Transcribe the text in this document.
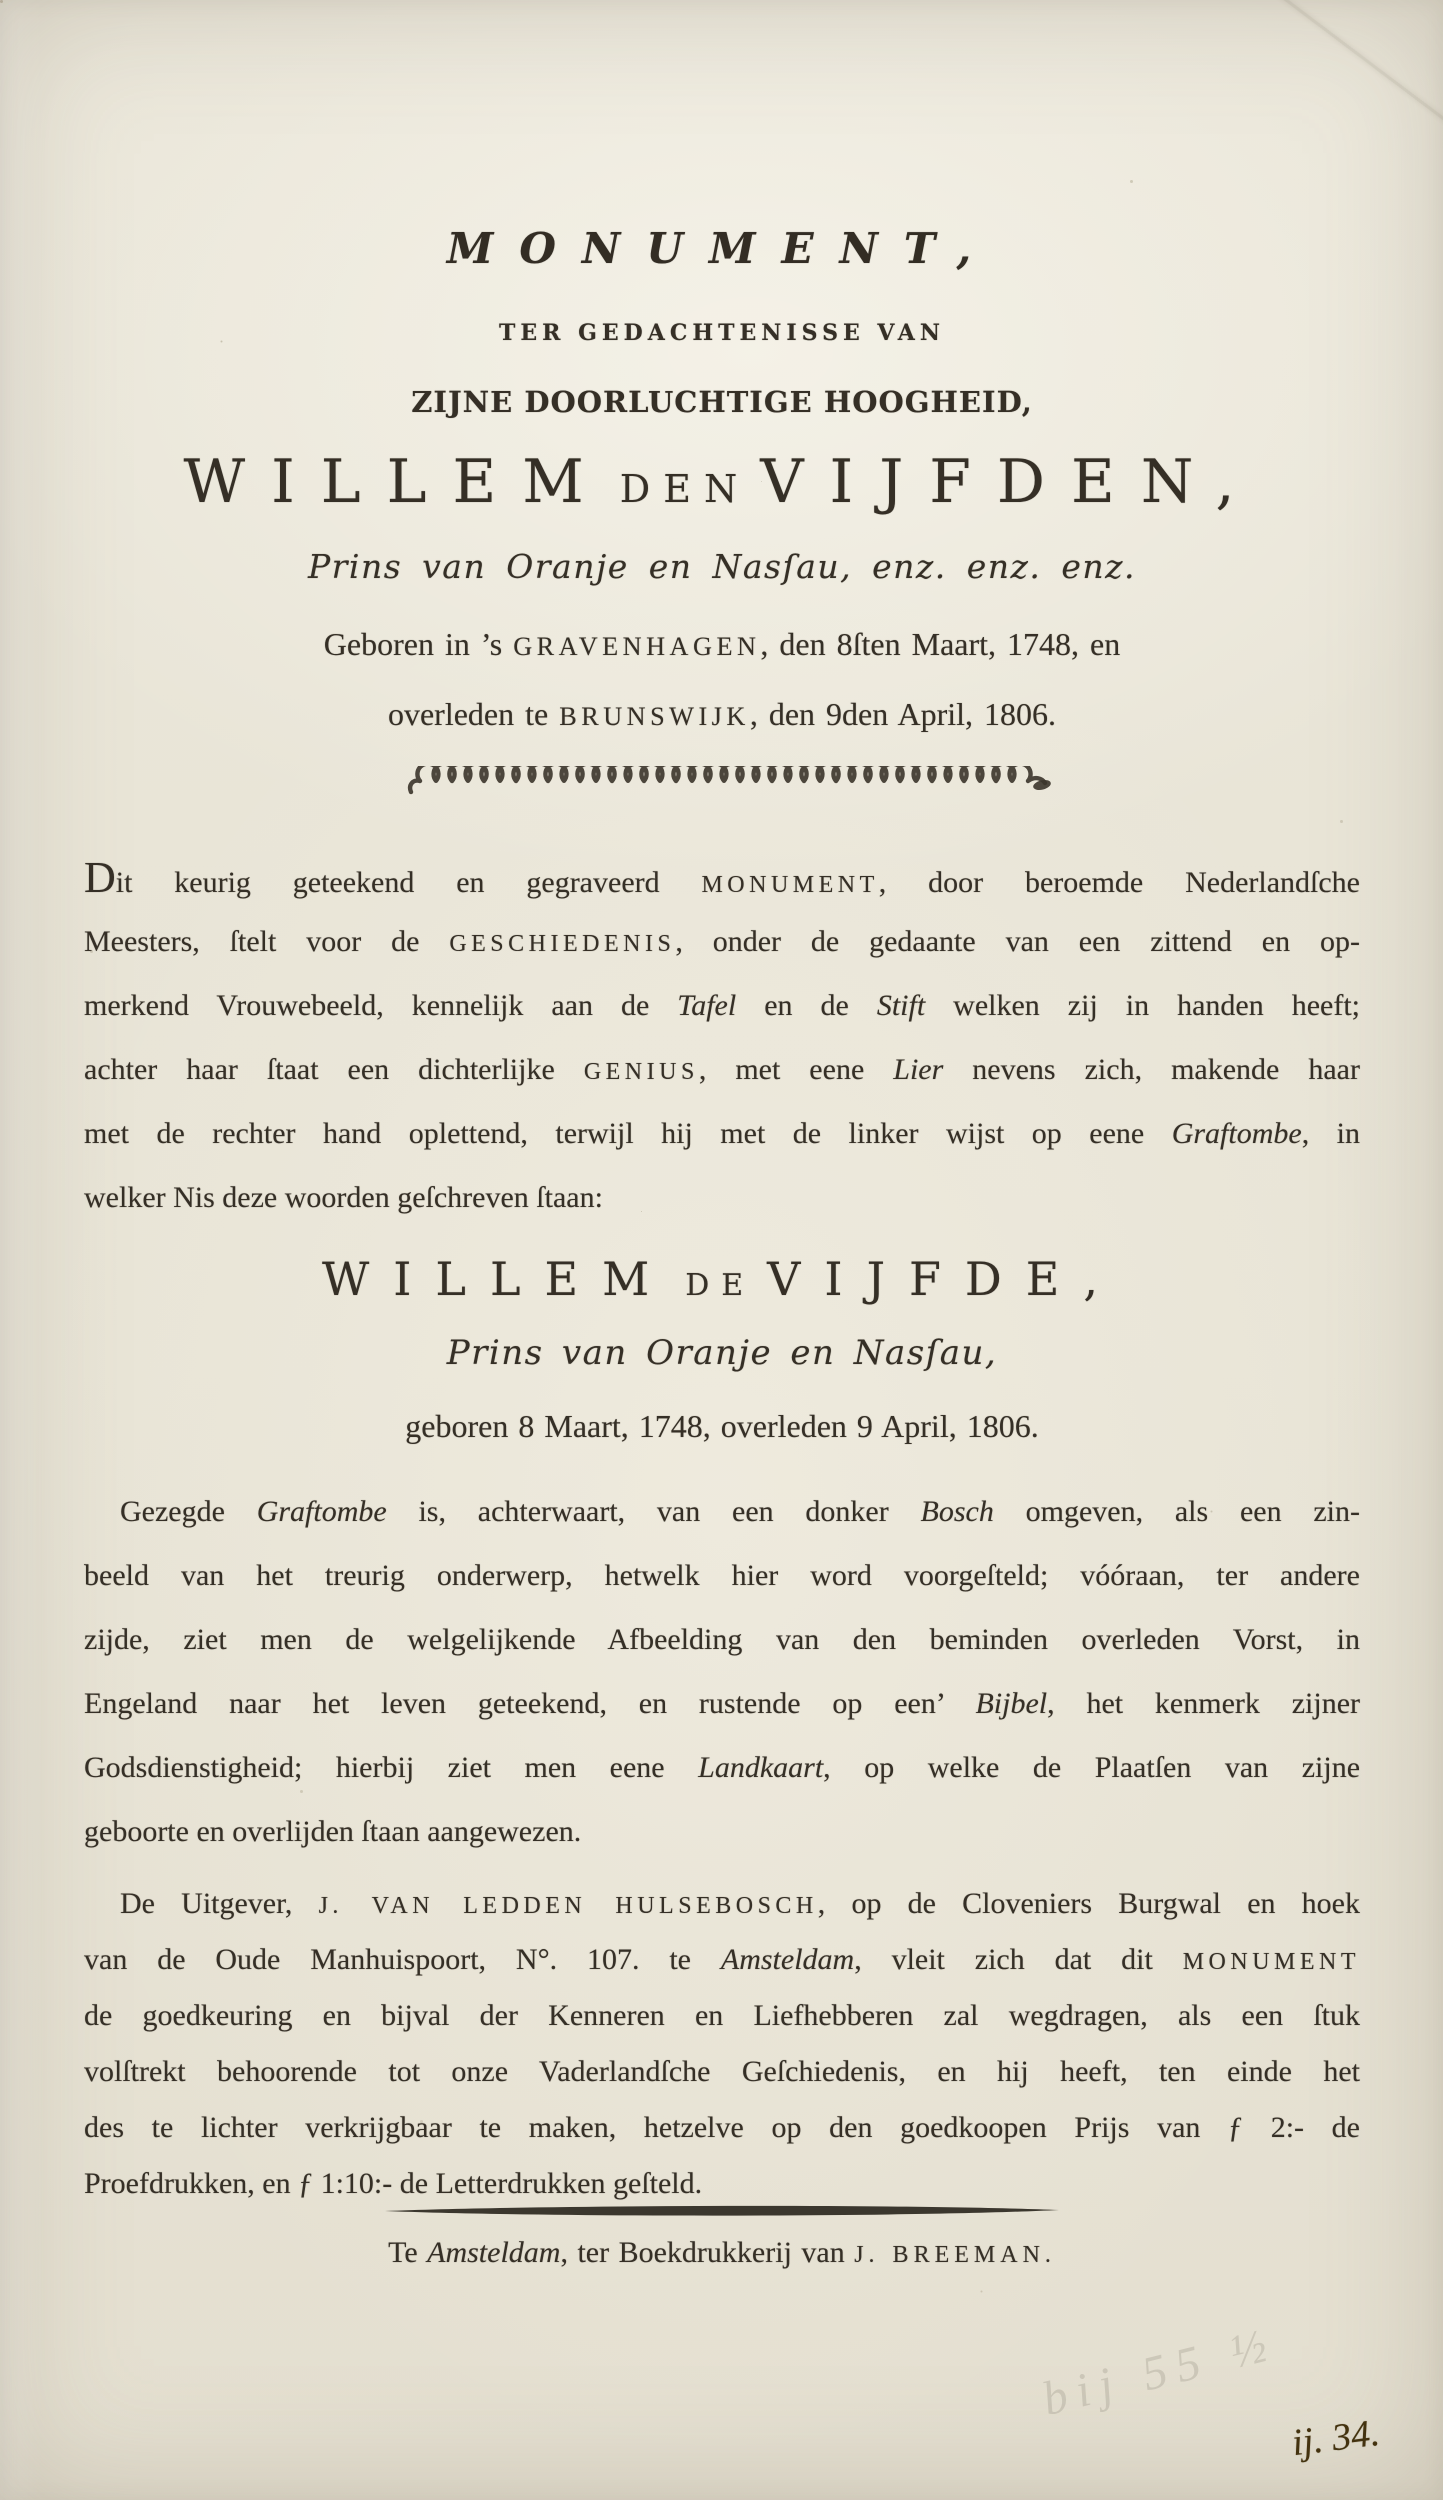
MONUMENT,
TER GEDACHTENISSE VAN
ZIJNE DOORLUCHTIGE HOOGHEID,
WILLEM DEN VIJFDEN,
Prins van Oranje en Nasſau, enz. enz. enz.
Geboren in ’s GRAVENHAGEN, den 8ſten Maart, 1748, en
overleden te BRUNSWIJK, den 9den April, 1806.
Dit keurig geteekend en gegraveerd MONUMENT, door beroemde Nederlandſche
Meesters, ſtelt voor de GESCHIEDENIS, onder de gedaante van een zittend en op-
merkend Vrouwebeeld, kennelijk aan de Tafel en de Stift welken zij in handen heeft;
achter haar ſtaat een dichterlijke GENIUS, met eene Lier nevens zich, makende haar
met de rechter hand oplettend, terwijl hij met de linker wijst op eene Graftombe, in
welker Nis deze woorden geſchreven ſtaan:
WILLEM DE VIJFDE,
Prins van Oranje en Nasſau,
geboren 8 Maart, 1748, overleden 9 April, 1806.
Gezegde Graftombe is, achterwaart, van een donker Bosch omgeven, als een zin-
beeld van het treurig onderwerp, hetwelk hier word voorgeſteld; vóóraan, ter andere
zijde, ziet men de welgelijkende Afbeelding van den beminden overleden Vorst, in
Engeland naar het leven geteekend, en rustende op een’ Bijbel, het kenmerk zijner
Godsdienstigheid; hierbij ziet men eene Landkaart, op welke de Plaatſen van zijne
geboorte en overlijden ſtaan aangewezen.
De Uitgever, J. VAN LEDDEN HULSEBOSCH, op de Cloveniers Burgwal en hoek
van de Oude Manhuispoort, N°. 107. te Amsteldam, vleit zich dat dit MONUMENT
de goedkeuring en bijval der Kenneren en Liefhebberen zal wegdragen, als een ſtuk
volſtrekt behoorende tot onze Vaderlandſche Geſchiedenis, en hij heeft, ten einde het
des te lichter verkrijgbaar te maken, hetzelve op den goedkoopen Prijs van ƒ 2:- de
Proefdrukken, en ƒ 1:10:- de Letterdrukken geſteld.
Te Amsteldam, ter Boekdrukkerij van J. BREEMAN.
bij 55 ½
ij. 34.
